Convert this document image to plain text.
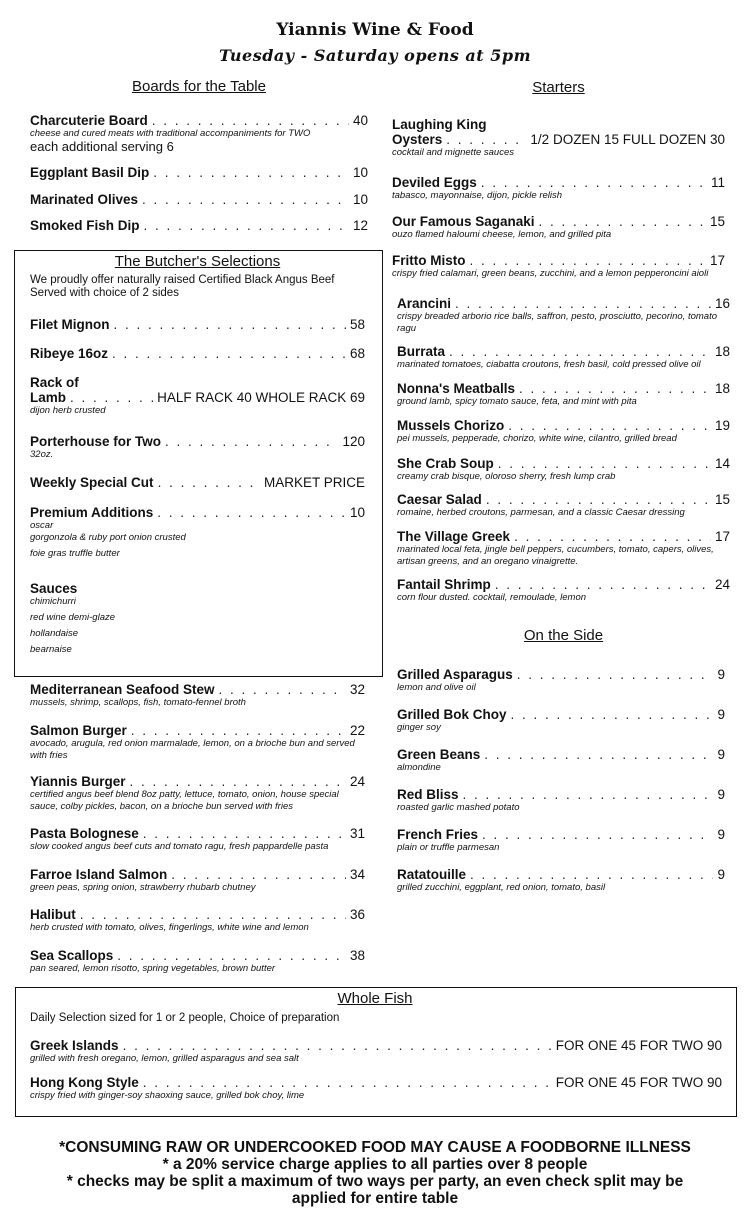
Yiannis Wine & Food
Tuesday - Saturday opens at 5pm
Boards for the Table
Charcuterie Board . . .	40
cheese and cured meats with traditional accompaniments for TWO
each additional serving 6
Eggplant Basil Dip . . .	10
Marinated Olives . . .	10
Smoked Fish Dip . . .	12
The Butcher's Selections
We proudly offer naturally raised Certified Black Angus Beef
Served with choice of 2 sides
Filet Mignon . . .	58
Ribeye 16oz . . .	68
Rack of
Lamb . . .	HALF RACK 40 WHOLE RACK 69
dijon herb crusted
Porterhouse for Two . . .	120
32oz.
Weekly Special Cut . . .	MARKET PRICE
Premium Additions . . .	10
oscar
gorgonzola & ruby port onion crusted
foie gras truffle butter
Sauces
chimichurri
red wine demi-glaze
hollandaise
bearnaise
Mediterranean Seafood Stew . . .	32
mussels, shrimp, scallops, fish, tomato-fennel broth
Salmon Burger . . .	22
avocado, arugula, red onion marmalade, lemon, on a brioche bun and served
with fries
Yiannis Burger . . .	24
certified angus beef blend 8oz patty, lettuce, tomato, onion, house special
sauce, colby pickles, bacon, on a brioche bun served with fries
Pasta Bolognese . . .	31
slow cooked angus beef cuts and tomato ragu, fresh pappardelle pasta
Farroe Island Salmon . . .	34
green peas, spring onion, strawberry rhubarb chutney
Halibut . . .	36
herb crusted with tomato, olives, fingerlings, white wine and lemon
Sea Scallops . . .	38
pan seared, lemon risotto, spring vegetables, brown butter
Starters
Laughing King
Oysters . . .	1/2 DOZEN 15 FULL DOZEN 30
cocktail and mignette sauces
Deviled Eggs . . .	11
tabasco, mayonnaise, dijon, pickle relish
Our Famous Saganaki . . .	15
ouzo flamed haloumi cheese, lemon, and grilled pita
Fritto Misto . . .	17
crispy fried calamari, green beans, zucchini, and a lemon pepperoncini aioli
Arancini . . .	16
crispy breaded arborio rice balls, saffron, pesto, prosciutto, pecorino, tomato
ragu
Burrata . . .	18
marinated tomatoes, ciabatta croutons, fresh basil, cold pressed olive oil
Nonna's Meatballs . . .	18
ground lamb, spicy tomato sauce, feta, and mint with pita
Mussels Chorizo . . .	19
pei mussels, pepperade, chorizo, white wine, cilantro, grilled bread
She Crab Soup . . .	14
creamy crab bisque, oloroso sherry, fresh lump crab
Caesar Salad . . .	15
romaine, herbed croutons, parmesan, and a classic Caesar dressing
The Village Greek . . .	17
marinated local feta, jingle bell peppers, cucumbers, tomato, capers, olives,
artisan greens, and an oregano vinaigrette.
Fantail Shrimp . . .	24
corn flour dusted. cocktail, remoulade, lemon
On the Side
Grilled Asparagus . . .	9
lemon and olive oil
Grilled Bok Choy . . .	9
ginger soy
Green Beans . . .	9
almondine
Red Bliss . . .	9
roasted garlic mashed potato
French Fries . . .	9
plain or truffle parmesan
Ratatouille . . .	9
grilled zucchini, eggplant, red onion, tomato, basil
Whole Fish
Daily Selection sized for 1 or 2 people, Choice of preparation
Greek Islands . . .	FOR ONE 45 FOR TWO 90
grilled with fresh oregano, lemon, grilled asparagus and sea salt
Hong Kong Style . . .	FOR ONE 45 FOR TWO 90
crispy fried with ginger-soy shaoxing sauce, grilled bok choy, lime
*CONSUMING RAW OR UNDERCOOKED FOOD MAY CAUSE A FOODBORNE ILLNESS
* a 20% service charge applies to all parties over 8 people
* checks may be split a maximum of two ways per party, an even check split may be
applied for entire table
